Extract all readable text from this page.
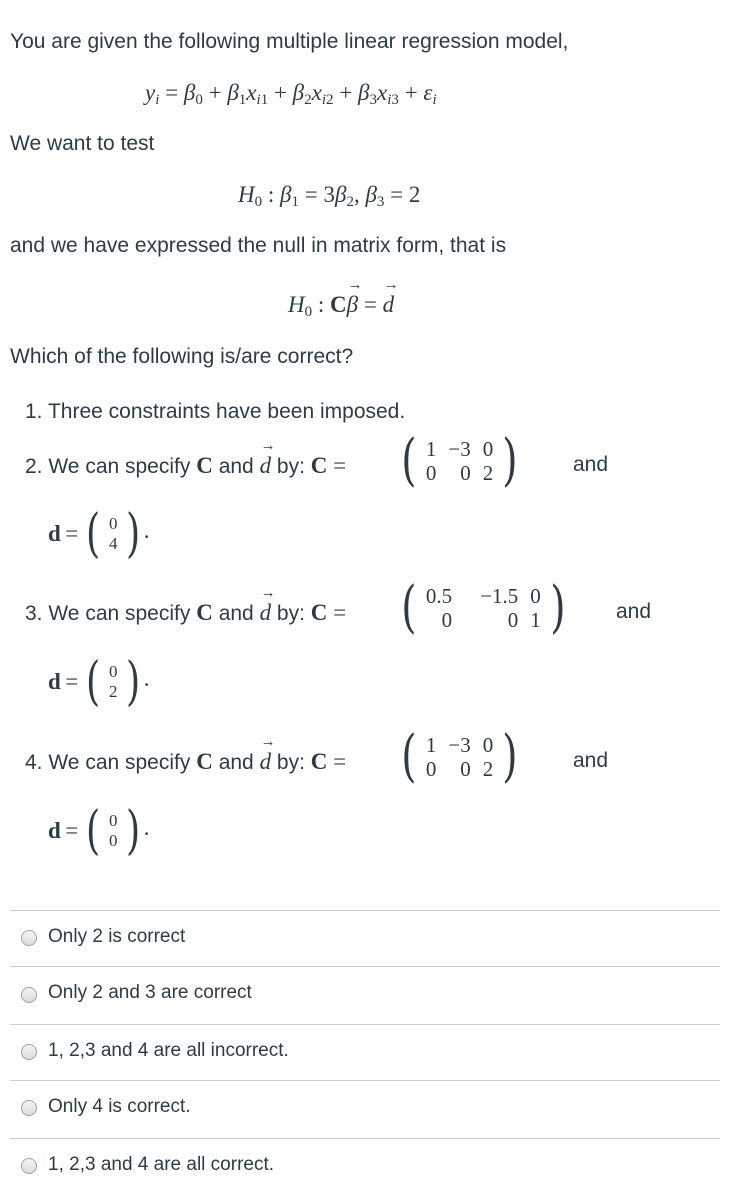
You are given the following multiple linear regression model,
$y_i = \beta_0 + \beta_1x_{i1} + \beta_2x_{i2} + \beta_3x_{i3} + \varepsilon_i$
We want to test
$H_0$ : $\beta_1 = 3\beta_2$, $\beta_3 = 2$
and we have expressed the null in matrix form, that is
$H_0$ : C→ β = → d
Which of the following is/are correct?
1. Three constraints have been imposed.
2. We can specify C and → d by: C = ( 1	−3	0
0	0	2 )	and
d = ( 0
4 ) .
3. We can specify C and → d by: C = ( 0.5	−1.5	0
0	0	1 ) and
d = ( 0
2 ) .
4. We can specify C and → d by: C = ( 1	−3	0
0	0	2 )	and
d = ( 0
0 ) .
Only 2 is correct
Only 2 and 3 are correct
1, 2,3 and 4 are all incorrect.
Only 4 is correct.
1, 2,3 and 4 are all correct.
